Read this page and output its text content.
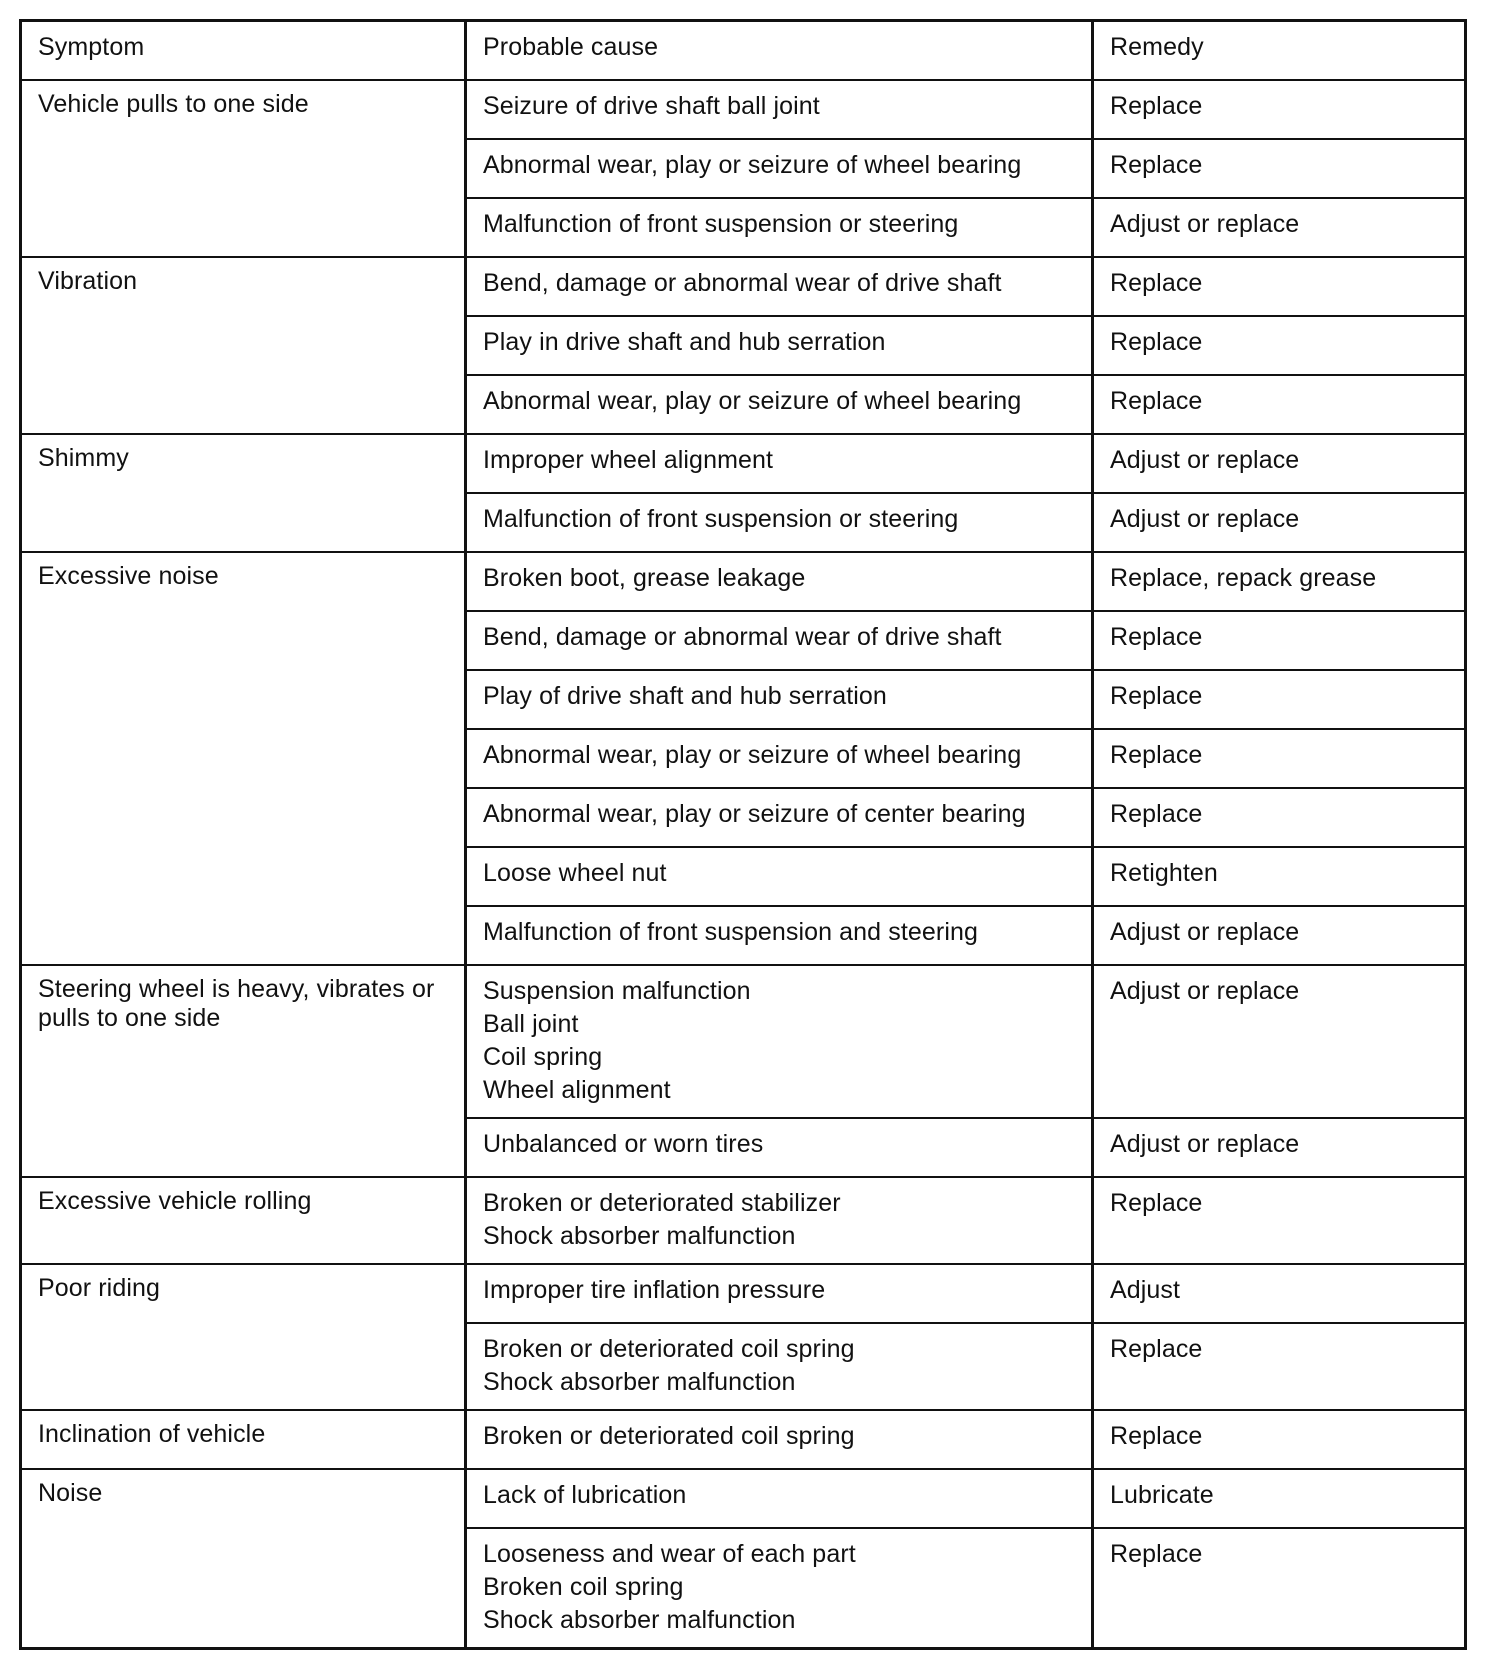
Symptom	Probable cause	Remedy

Vehicle pulls to one side	Seizure of drive shaft ball joint	Replace

	Abnormal wear, play or seizure of wheel bearing	Replace

	Malfunction of front suspension or steering	Adjust or replace

Vibration	Bend, damage or abnormal wear of drive shaft	Replace

	Play in drive shaft and hub serration	Replace

	Abnormal wear, play or seizure of wheel bearing	Replace

Shimmy	Improper wheel alignment	Adjust or replace

	Malfunction of front suspension or steering	Adjust or replace

Excessive noise	Broken boot, grease leakage	Replace, repack grease

	Bend, damage or abnormal wear of drive shaft	Replace

	Play of drive shaft and hub serration	Replace

	Abnormal wear, play or seizure of wheel bearing	Replace

	Abnormal wear, play or seizure of center bearing	Replace

	Loose wheel nut	Retighten

	Malfunction of front suspension and steering	Adjust or replace

Steering wheel is heavy, vibrates or pulls to one side	Suspension malfunction
Ball joint
Coil spring
Wheel alignment	Adjust or replace

	Unbalanced or worn tires	Adjust or replace

Excessive vehicle rolling	Broken or deteriorated stabilizer
Shock absorber malfunction	Replace

Poor riding	Improper tire inflation pressure	Adjust

	Broken or deteriorated coil spring
Shock absorber malfunction	Replace

Inclination of vehicle	Broken or deteriorated coil spring	Replace

Noise	Lack of lubrication	Lubricate

	Looseness and wear of each part
Broken coil spring
Shock absorber malfunction	Replace
